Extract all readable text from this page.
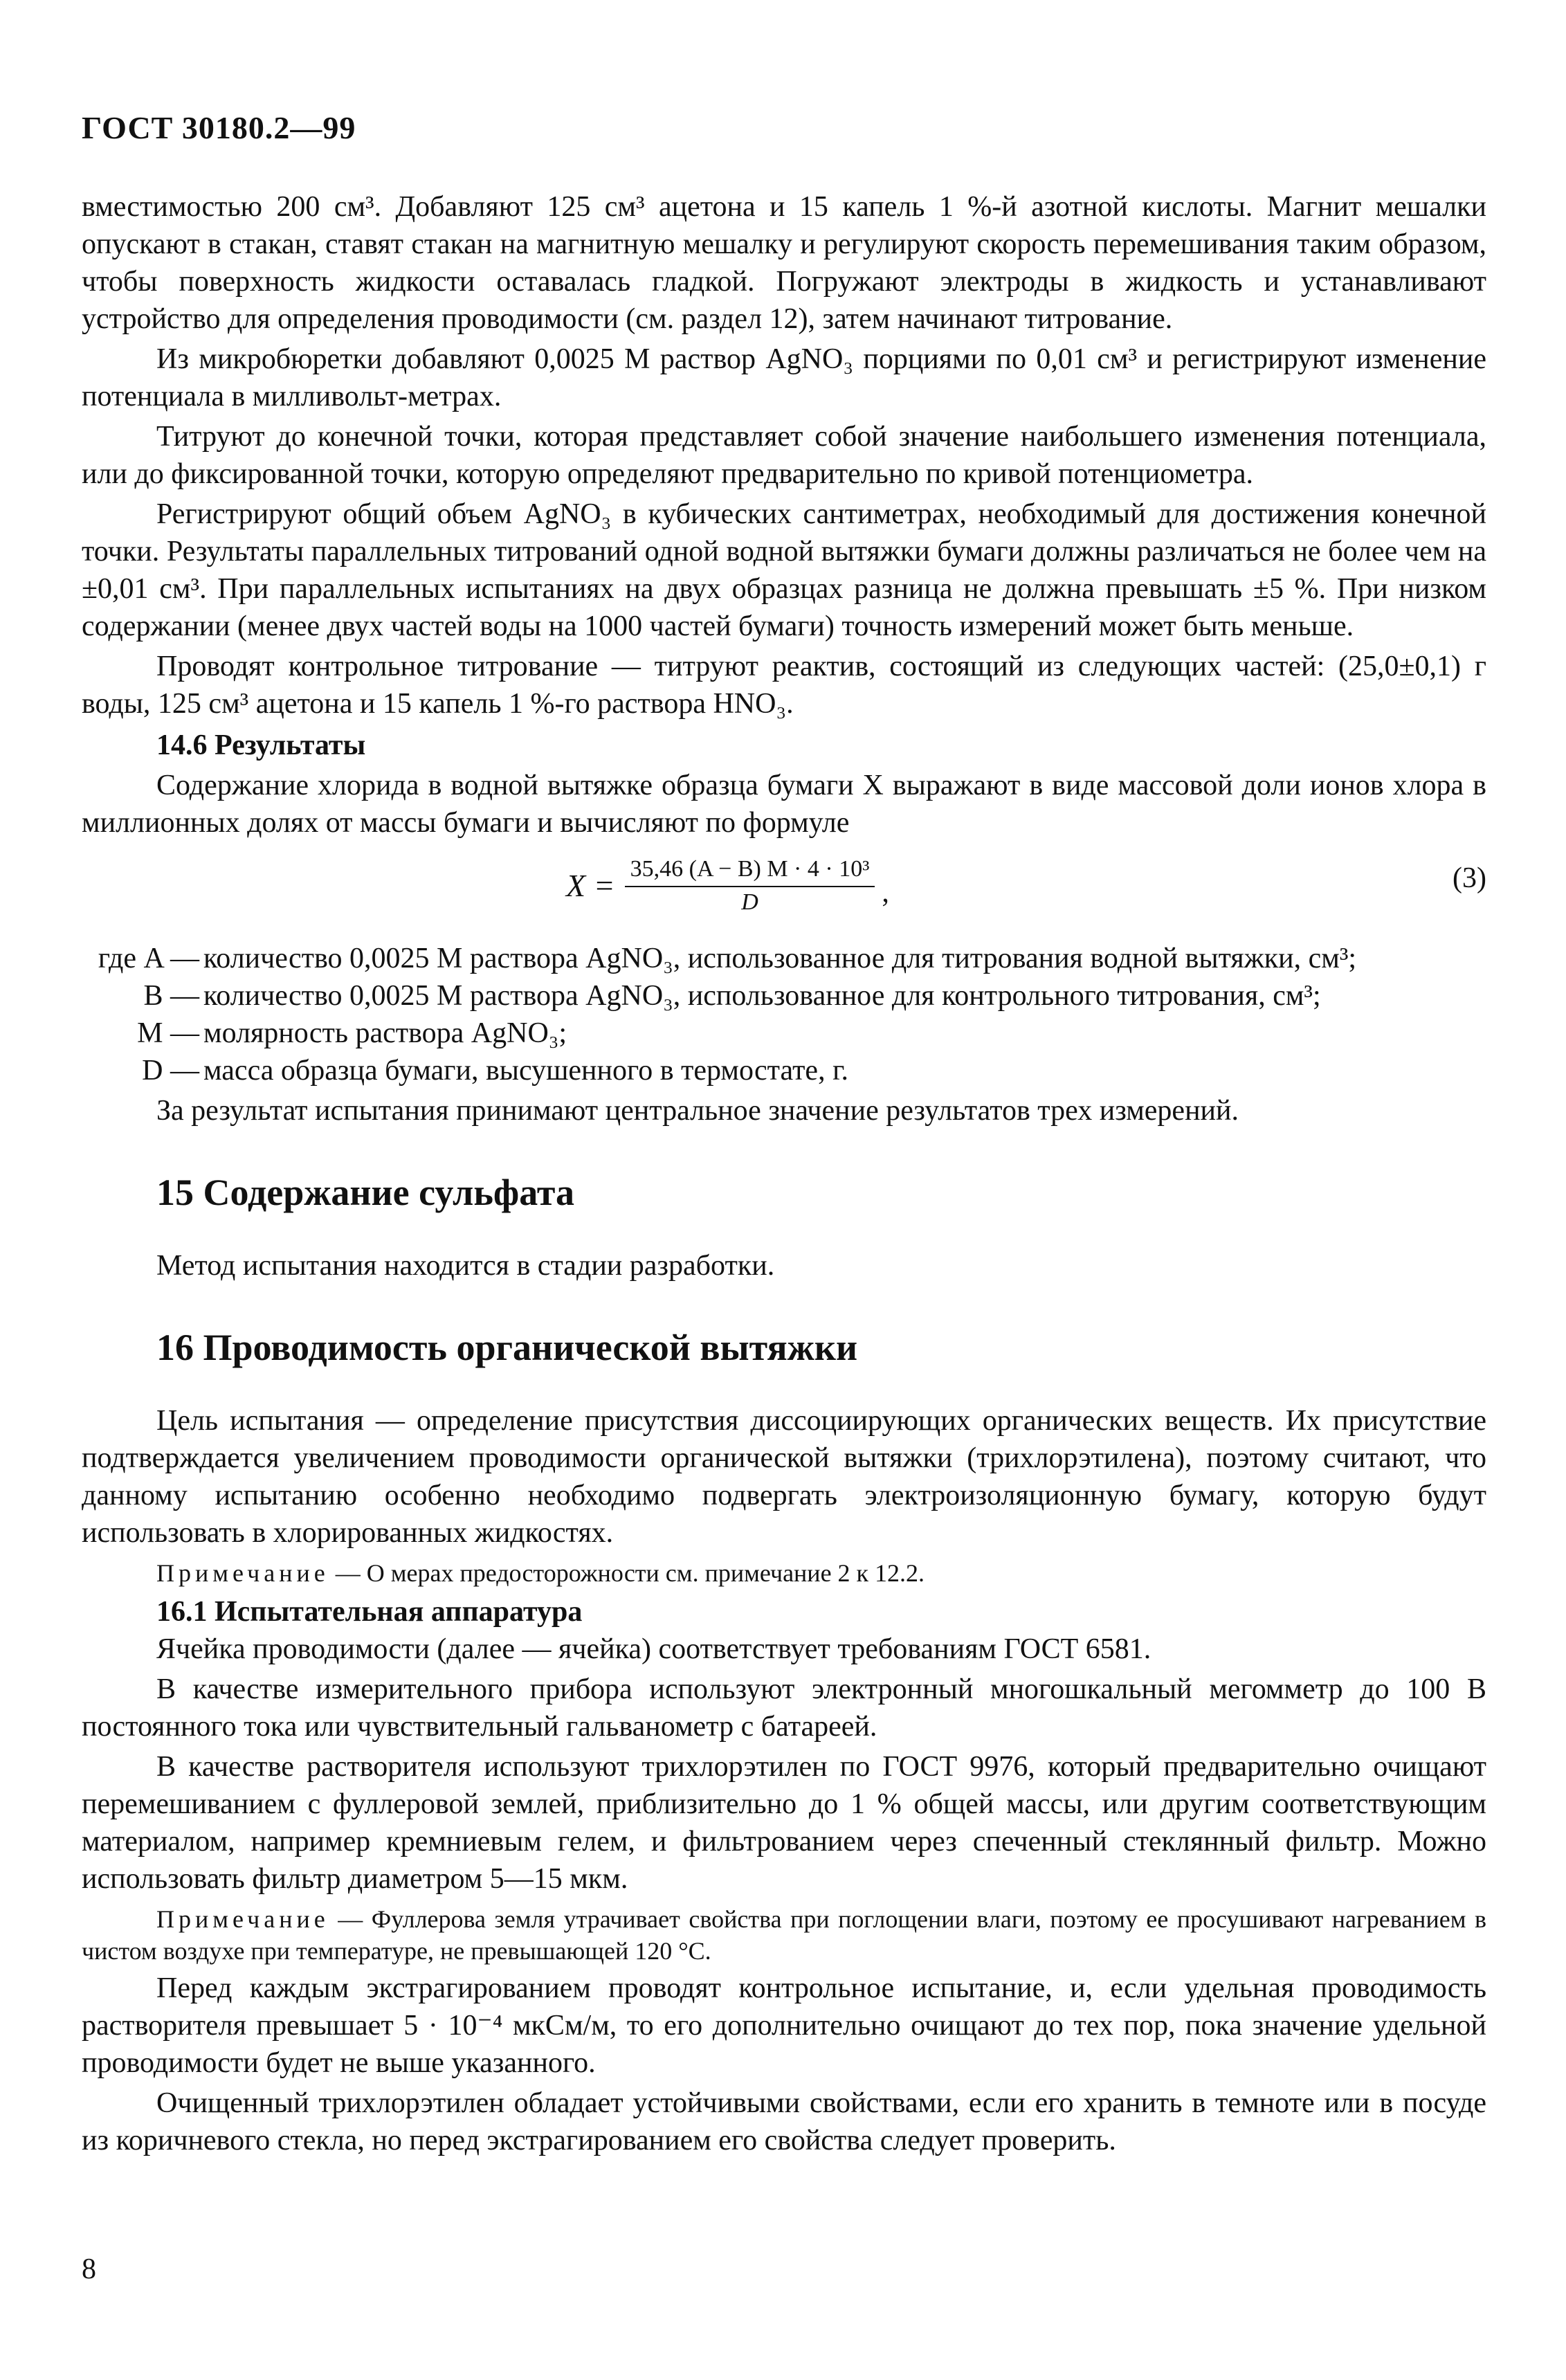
ГОСТ 30180.2—99

вместимостью 200 см³. Добавляют 125 см³ ацетона и 15 капель 1 %-й азотной кислоты. Магнит мешалки опускают в стакан, ставят стакан на магнитную мешалку и регулируют скорость перемешивания таким образом, чтобы поверхность жидкости оставалась гладкой. Погружают электроды в жидкость и устанавливают устройство для определения проводимости (см. раздел 12), затем начинают титрование.

Из микробюретки добавляют 0,0025 М раствор AgNO₃ порциями по 0,01 см³ и регистрируют изменение потенциала в милливольт-метрах.

Титруют до конечной точки, которая представляет собой значение наибольшего изменения потенциала, или до фиксированной точки, которую определяют предварительно по кривой потенциометра.

Регистрируют общий объем AgNO₃ в кубических сантиметрах, необходимый для достижения конечной точки. Результаты параллельных титрований одной водной вытяжки бумаги должны различаться не более чем на ±0,01 см³. При параллельных испытаниях на двух образцах разница не должна превышать ±5 %. При низком содержании (менее двух частей воды на 1000 частей бумаги) точность измерений может быть меньше.

Проводят контрольное титрование — титруют реактив, состоящий из следующих частей: (25,0±0,1) г воды, 125 см³ ацетона и 15 капель 1 %-го раствора HNO₃.

14.6 Результаты

Содержание хлорида в водной вытяжке образца бумаги X выражают в виде массовой доли ионов хлора в миллионных долях от массы бумаги и вычисляют по формуле

$X = \frac{\text{35,46 (A − B) M · 4 · 10³}}{D}$ ,	(3)
где A — количество 0,0025 М раствора AgNO₃, использованное для титрования водной вытяжки, см³;
B — количество 0,0025 М раствора AgNO₃, использованное для контрольного титрования, см³;
M — молярность раствора AgNO₃;
D — масса образца бумаги, высушенного в термостате, г.

За результат испытания принимают центральное значение результатов трех измерений.

15 Содержание сульфата

Метод испытания находится в стадии разработки.

16 Проводимость органической вытяжки

Цель испытания — определение присутствия диссоциирующих органических веществ. Их присутствие подтверждается увеличением проводимости органической вытяжки (трихлорэтилена), поэтому считают, что данному испытанию особенно необходимо подвергать электроизоляционную бумагу, которую будут использовать в хлорированных жидкостях.

Примечание — О мерах предосторожности см. примечание 2 к 12.2.

16.1 Испытательная аппаратура

Ячейка проводимости (далее — ячейка) соответствует требованиям ГОСТ 6581.

В качестве измерительного прибора используют электронный многошкальный мегомметр до 100 В постоянного тока или чувствительный гальванометр с батареей.

В качестве растворителя используют трихлорэтилен по ГОСТ 9976, который предварительно очищают перемешиванием с фуллеровой землей, приблизительно до 1 % общей массы, или другим соответствующим материалом, например кремниевым гелем, и фильтрованием через спеченный стеклянный фильтр. Можно использовать фильтр диаметром 5—15 мкм.

Примечание — Фуллерова земля утрачивает свойства при поглощении влаги, поэтому ее просушивают нагреванием в чистом воздухе при температуре, не превышающей 120 °С.

Перед каждым экстрагированием проводят контрольное испытание, и, если удельная проводимость растворителя превышает 5 · 10⁻⁴ мкСм/м, то его дополнительно очищают до тех пор, пока значение удельной проводимости будет не выше указанного.

Очищенный трихлорэтилен обладает устойчивыми свойствами, если его хранить в темноте или в посуде из коричневого стекла, но перед экстрагированием его свойства следует проверить.

8
